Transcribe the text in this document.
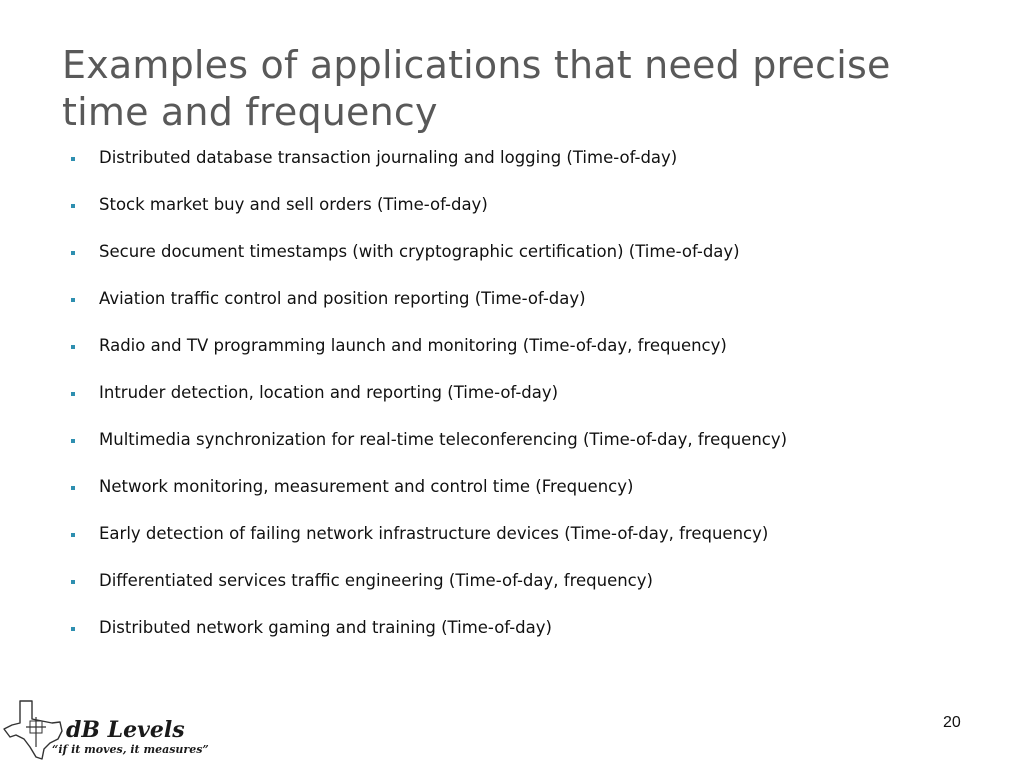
Examples of applications that need precise
time and frequency
Distributed database transaction journaling and logging (Time-of-day)
Stock market buy and sell orders (Time-of-day)
Secure document timestamps (with cryptographic certification) (Time-of-day)
Aviation traffic control and position reporting (Time-of-day)
Radio and TV programming launch and monitoring (Time-of-day, frequency)
Intruder detection, location and reporting (Time-of-day)
Multimedia synchronization for real-time teleconferencing (Time-of-day, frequency)
Network monitoring, measurement and control time (Frequency)
Early detection of failing network infrastructure devices (Time-of-day, frequency)
Differentiated services traffic engineering (Time-of-day, frequency)
Distributed network gaming and training (Time-of-day)
dB Levels
“if it moves, it measures”
20
